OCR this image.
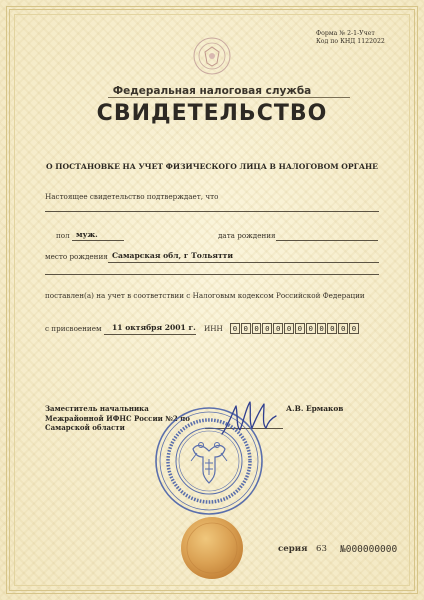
Форма № 2-1-Учет
Код по КНД 1122022
Федеральная налоговая служба
СВИДЕТЕЛЬСТВО
О ПОСТАНОВКЕ НА УЧЕТ ФИЗИЧЕСКОГО ЛИЦА В НАЛОГОВОМ ОРГАНЕ
Настоящее свидетельство подтверждает, что
пол муж.	дата рождения
место рождения Самарская обл, г Тольятти
поставлен(а) на учет в соответствии с Налоговым кодексом Российской Федерации
с присвоением 11 октября 2001 г. ИНН	0 0 0 0 0 0 0 0 0 0 0 0
Заместитель начальника
Межрайонной ИФНС России №2 по
Самарской области
А.В. Ермаков
серия 63 №000000000
